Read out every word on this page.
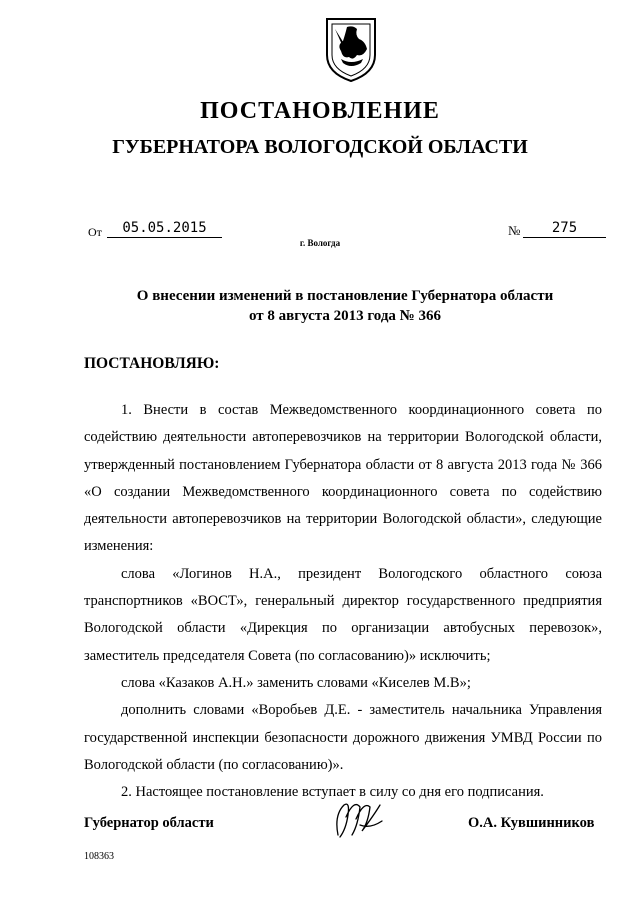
ПОСТАНОВЛЕНИЕ
ГУБЕРНАТОРА ВОЛОГОДСКОЙ ОБЛАСТИ
От	05.05.2015	№	275
г. Вологда
О внесении изменений в постановление Губернатора области
от 8 августа 2013 года № 366
ПОСТАНОВЛЯЮ:

1. Внести в состав Межведомственного координационного совета по содействию деятельности автоперевозчиков на территории Вологодской области, утвержденный постановлением Губернатора области от 8 августа 2013 года № 366 «О создании Межведомственного координационного совета по содействию деятельности автоперевозчиков на территории Вологодской области», следующие изменения:

слова «Логинов Н.А., президент Вологодского областного союза транспортников «ВОСТ», генеральный директор государственного предприятия Вологодской области «Дирекция по организации автобусных перевозок», заместитель председателя Совета (по согласованию)» исключить;

слова «Казаков А.Н.» заменить словами «Киселев М.В»;

дополнить словами «Воробьев Д.Е. - заместитель начальника Управления государственной инспекции безопасности дорожного движения УМВД России по Вологодской области (по согласованию)».

2. Настоящее постановление вступает в силу со дня его подписания.

Губернатор области	О.А. Кувшинников
108363
